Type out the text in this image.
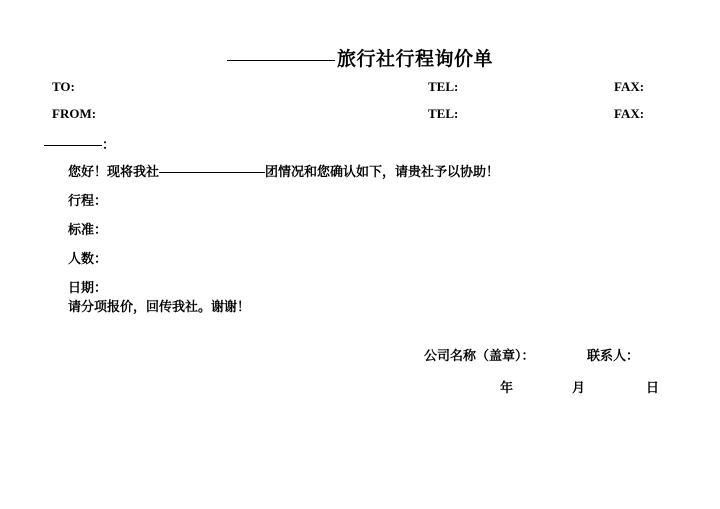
旅行社行程询价单
TO:	TEL:	FAX:
FROM:	TEL:	FAX:
：
您好！现将我社	团情况和您确认如下，请贵社予以协助！
行程：
标准：
人数：
日期：
请分项报价，回传我社。谢谢！
公司名称（盖章）：	联系人：
年	月	日
